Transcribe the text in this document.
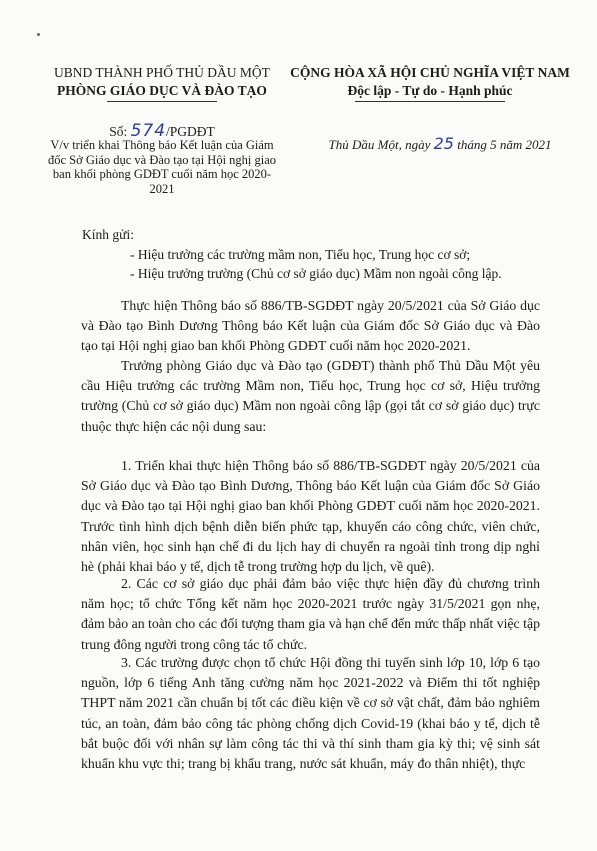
UBND THÀNH PHỐ THỦ DẦU MỘT
PHÒNG GIÁO DỤC VÀ ĐÀO TẠO
CỘNG HÒA XÃ HỘI CHỦ NGHĨA VIỆT NAM
Độc lập - Tự do - Hạnh phúc
Số: 574/PGDĐT
V/v triển khai Thông báo Kết luận của Giám đốc Sở Giáo dục và Đào tạo tại Hội nghị giao ban khối phòng GDĐT cuối năm học 2020-2021
Thủ Dầu Một, ngày 25 tháng 5 năm 2021
Kính gửi:
- Hiệu trưởng các trường mầm non, Tiểu học, Trung học cơ sở;
- Hiệu trưởng trường (Chủ cơ sở giáo dục) Mầm non ngoài công lập.
Thực hiện Thông báo số 886/TB-SGDĐT ngày 20/5/2021 của Sở Giáo dục và Đào tạo Bình Dương Thông báo Kết luận của Giám đốc Sở Giáo dục và Đào tạo tại Hội nghị giao ban khối Phòng GDĐT cuối năm học 2020-2021.
Trưởng phòng Giáo dục và Đào tạo (GDĐT) thành phố Thủ Dầu Một yêu cầu Hiệu trưởng các trường Mầm non, Tiểu học, Trung học cơ sở, Hiệu trưởng trường (Chủ cơ sở giáo dục) Mầm non ngoài công lập (gọi tắt cơ sở giáo dục) trực thuộc thực hiện các nội dung sau:
1. Triển khai thực hiện Thông báo số 886/TB-SGDĐT ngày 20/5/2021 của Sở Giáo dục và Đào tạo Bình Dương, Thông báo Kết luận của Giám đốc Sở Giáo dục và Đào tạo tại Hội nghị giao ban khối Phòng GDĐT cuối năm học 2020-2021. Trước tình hình dịch bệnh diễn biến phức tạp, khuyến cáo công chức, viên chức, nhân viên, học sinh hạn chế đi du lịch hay di chuyển ra ngoài tỉnh trong dịp nghỉ hè (phải khai báo y tế, dịch tễ trong trường hợp du lịch, về quê).
2. Các cơ sở giáo dục phải đảm bảo việc thực hiện đầy đủ chương trình năm học; tổ chức Tổng kết năm học 2020-2021 trước ngày 31/5/2021 gọn nhẹ, đảm bảo an toàn cho các đối tượng tham gia và hạn chế đến mức thấp nhất việc tập trung đông người trong công tác tổ chức.
3. Các trường được chọn tổ chức Hội đồng thi tuyển sinh lớp 10, lớp 6 tạo nguồn, lớp 6 tiếng Anh tăng cường năm học 2021-2022 và Điểm thi tốt nghiệp THPT năm 2021 cần chuẩn bị tốt các điều kiện về cơ sở vật chất, đảm bảo nghiêm túc, an toàn, đảm bảo công tác phòng chống dịch Covid-19 (khai báo y tế, dịch tễ bắt buộc đối với nhân sự làm công tác thi và thí sinh tham gia kỳ thi; vệ sinh sát khuẩn khu vực thi; trang bị khẩu trang, nước sát khuẩn, máy đo thân nhiệt), thực
